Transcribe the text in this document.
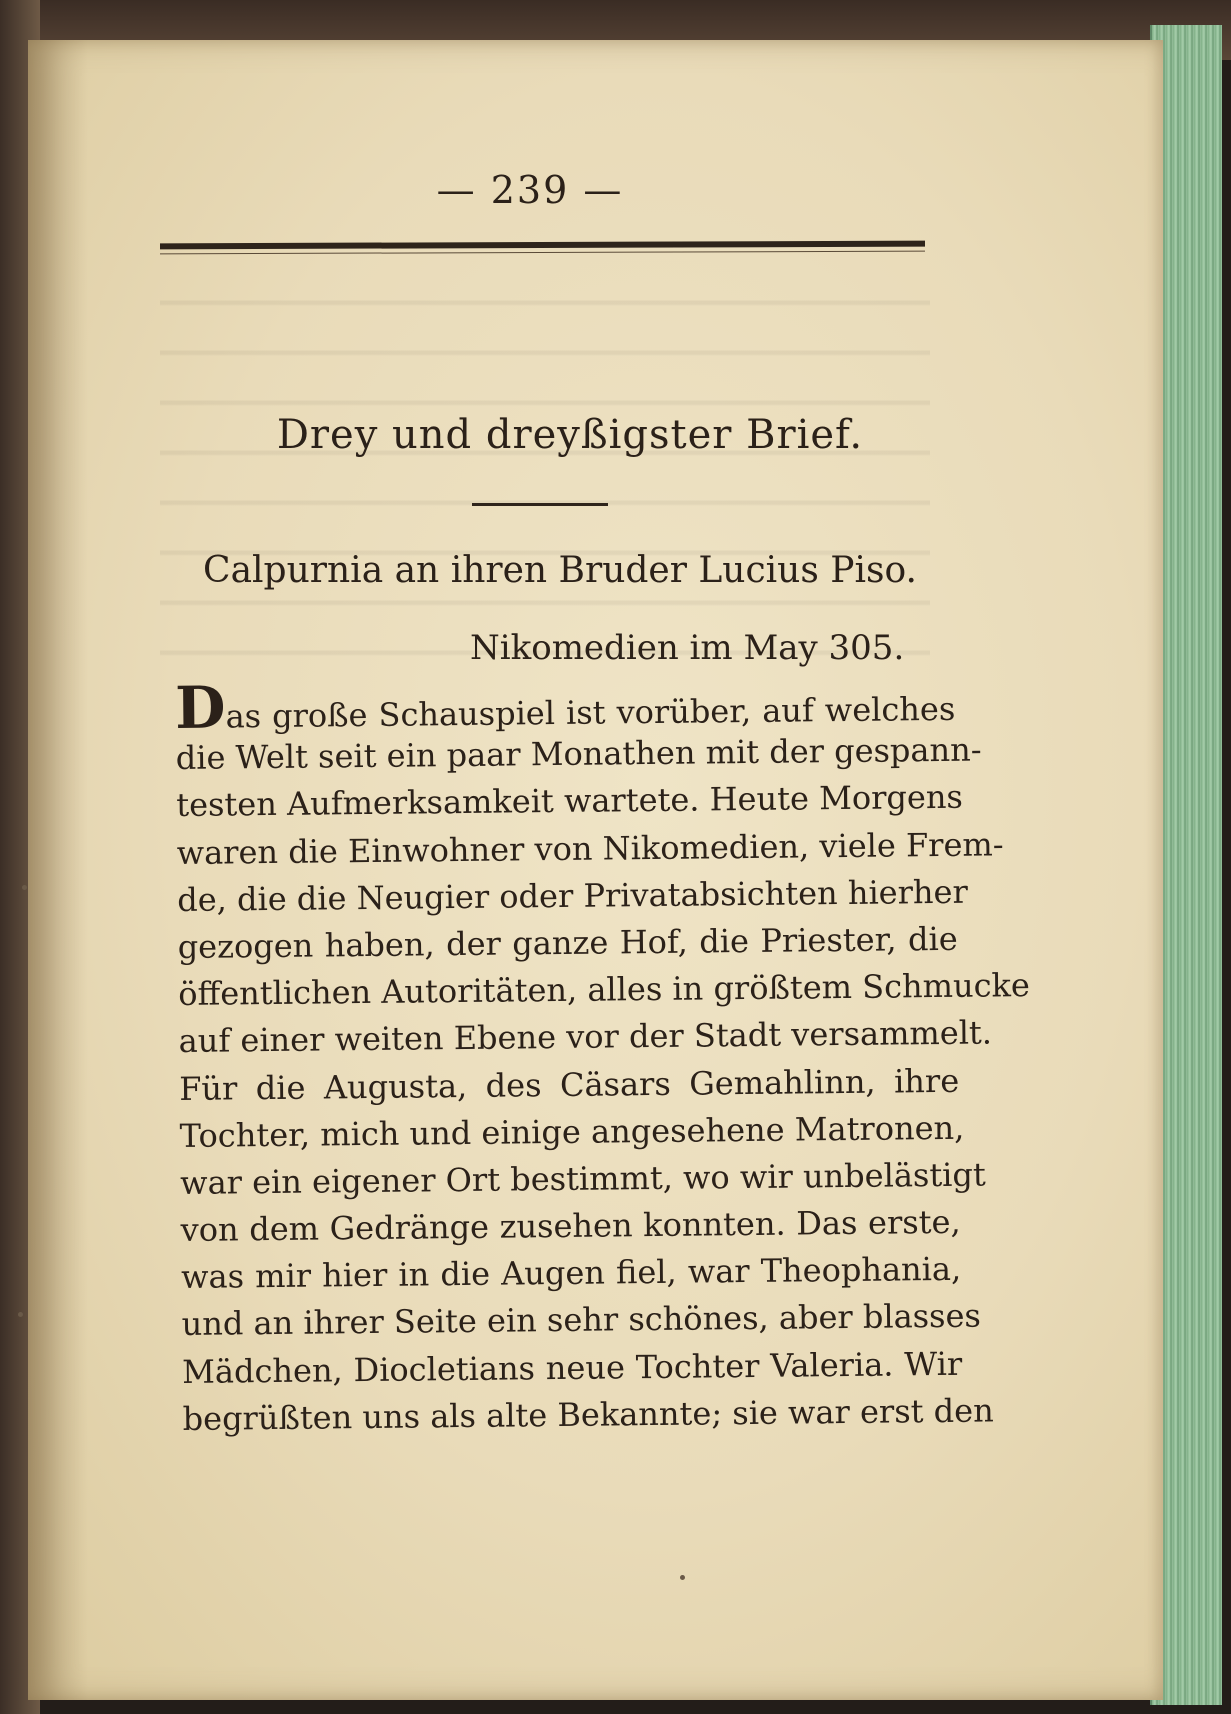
— 239 —
Drey und dreyßigster Brief.
Calpurnia an ihren Bruder Lucius Piso.
Nikomedien im May 305.
Das große Schauspiel ist vorüber, auf welches
die Welt seit ein paar Monathen mit der gespann-
testen Aufmerksamkeit wartete. Heute Morgens
waren die Einwohner von Nikomedien, viele Frem-
de, die die Neugier oder Privatabsichten hierher
gezogen haben, der ganze Hof, die Priester, die
öffentlichen Autoritäten, alles in größtem Schmucke
auf einer weiten Ebene vor der Stadt versammelt.
Für die Augusta, des Cäsars Gemahlinn, ihre
Tochter, mich und einige angesehene Matronen,
war ein eigener Ort bestimmt, wo wir unbelästigt
von dem Gedränge zusehen konnten. Das erste,
was mir hier in die Augen fiel, war Theophania,
und an ihrer Seite ein sehr schönes, aber blasses
Mädchen, Diocletians neue Tochter Valeria. Wir
begrüßten uns als alte Bekannte; sie war erst den
